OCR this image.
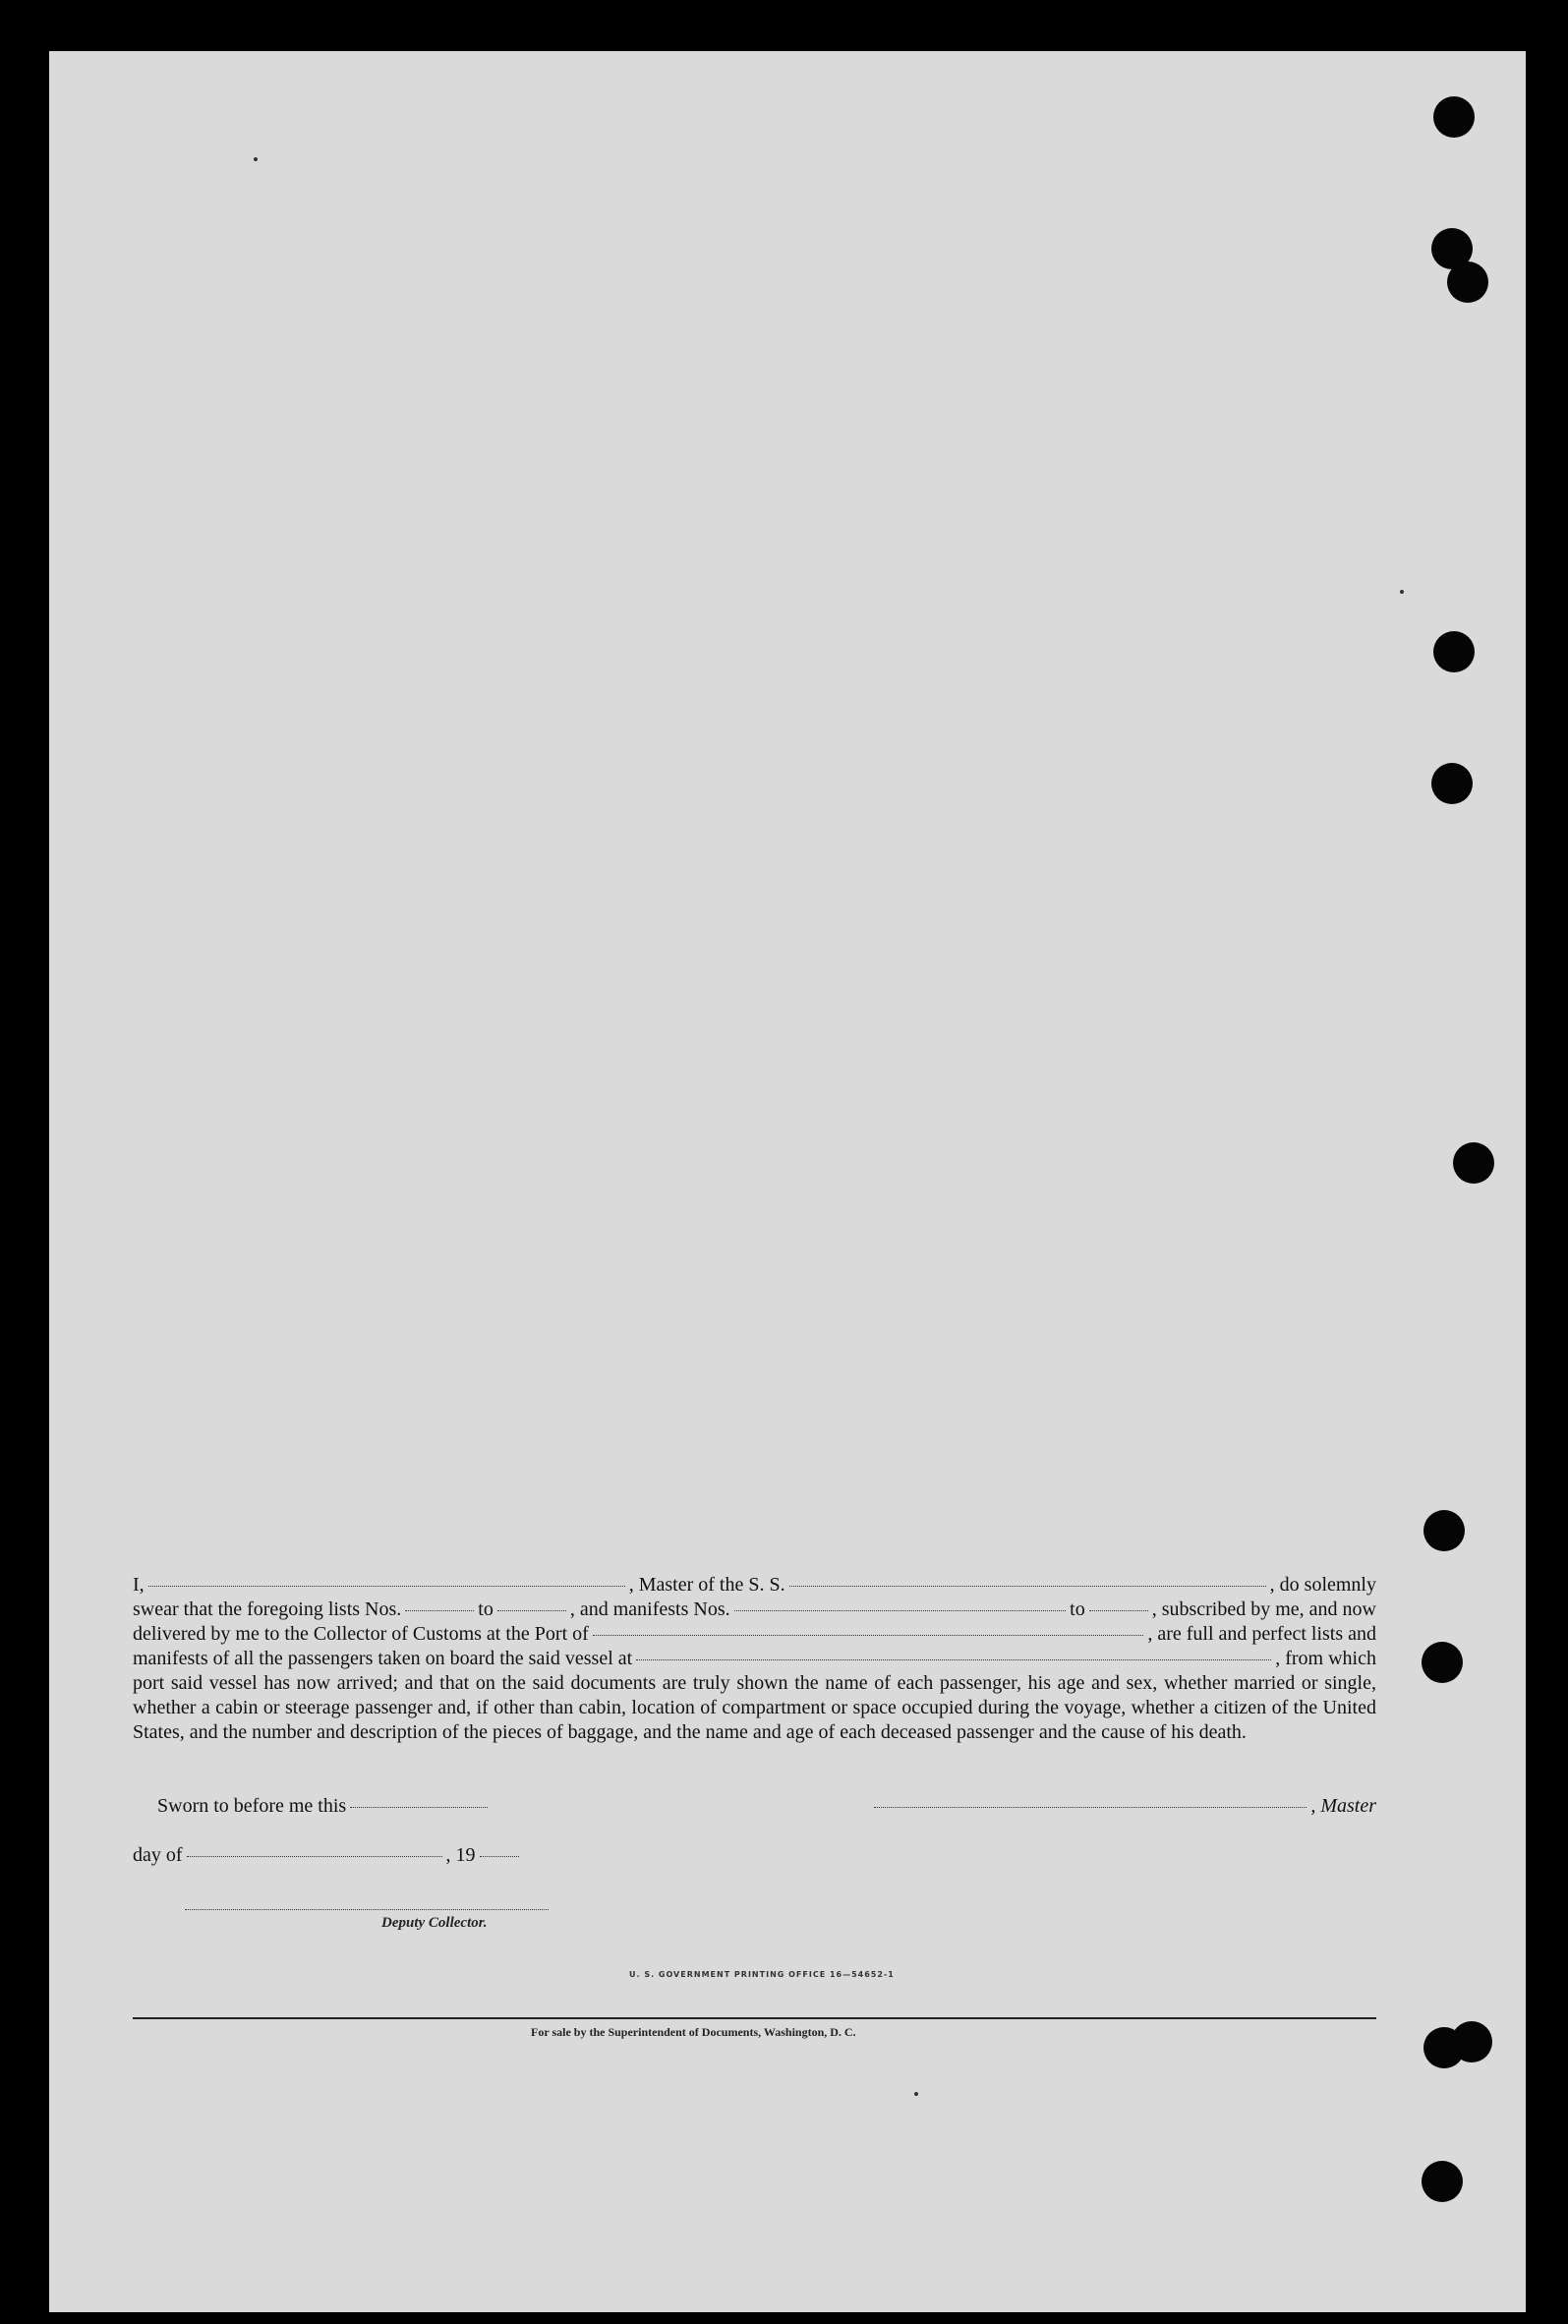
I,	, Master of the S. S.	, do solemnly
swear that the foregoing lists Nos.	to	, and manifests Nos.	to	, subscribed by me, and now
delivered by me to the Collector of Customs at the Port of	, are full and perfect lists and
manifests of all the passengers taken on board the said vessel at	, from which
port said vessel has now arrived; and that on the said documents are truly shown the name of each passenger, his age and sex, whether married or single, whether a cabin or steerage passenger and, if other than cabin, location of compartment or space occupied during the voyage, whether a citizen of the United States, and the number and description of the pieces of baggage, and the name and age of each deceased passenger and the cause of his death.
Sworn to before me this	, Master
day of	, 19
Deputy Collector.
U. S. GOVERNMENT PRINTING OFFICE 16—54652-1
For sale by the Superintendent of Documents, Washington, D. C.
